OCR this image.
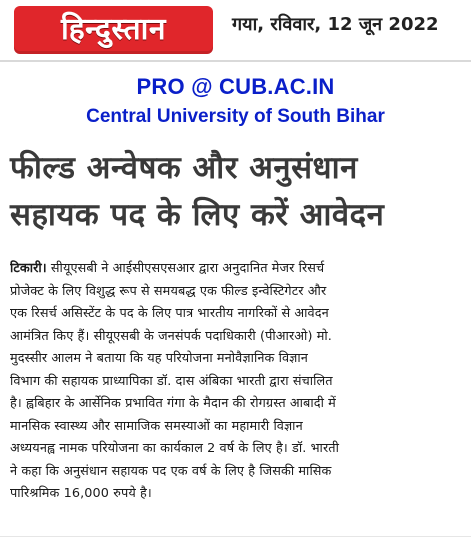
हिन्दुस्तान	गया, रविवार, 12 जून 2022
PRO @ CUB.AC.IN
Central University of South Bihar
फील्ड अन्वेषक और अनुसंधान
सहायक पद के लिए करें आवेदन
टिकारी। सीयूएसबी ने आईसीएसएसआर द्वारा अनुदानित मेजर रिसर्च
प्रोजेक्ट के लिए विशुद्ध रूप से समयबद्ध एक फील्ड इन्वेस्टिगेटर और
एक रिसर्च असिस्टेंट के पद के लिए पात्र भारतीय नागरिकों से आवेदन
आमंत्रित किए हैं। सीयूएसबी के जनसंपर्क पदाधिकारी (पीआरओ) मो.
मुदस्सीर आलम ने बताया कि यह परियोजना मनोवैज्ञानिक विज्ञान
विभाग की सहायक प्राध्यापिका डॉ. दास अंबिका भारती द्वारा संचालित
है। ह्वबिहार के आर्सेनिक प्रभावित गंगा के मैदान की रोगग्रस्त आबादी में
मानसिक स्वास्थ्य और सामाजिक समस्याओं का महामारी विज्ञान
अध्ययनह्व नामक परियोजना का कार्यकाल 2 वर्ष के लिए है। डॉ. भारती
ने कहा कि अनुसंधान सहायक पद एक वर्ष के लिए है जिसकी मासिक
पारिश्रमिक 16,000 रुपये है।
